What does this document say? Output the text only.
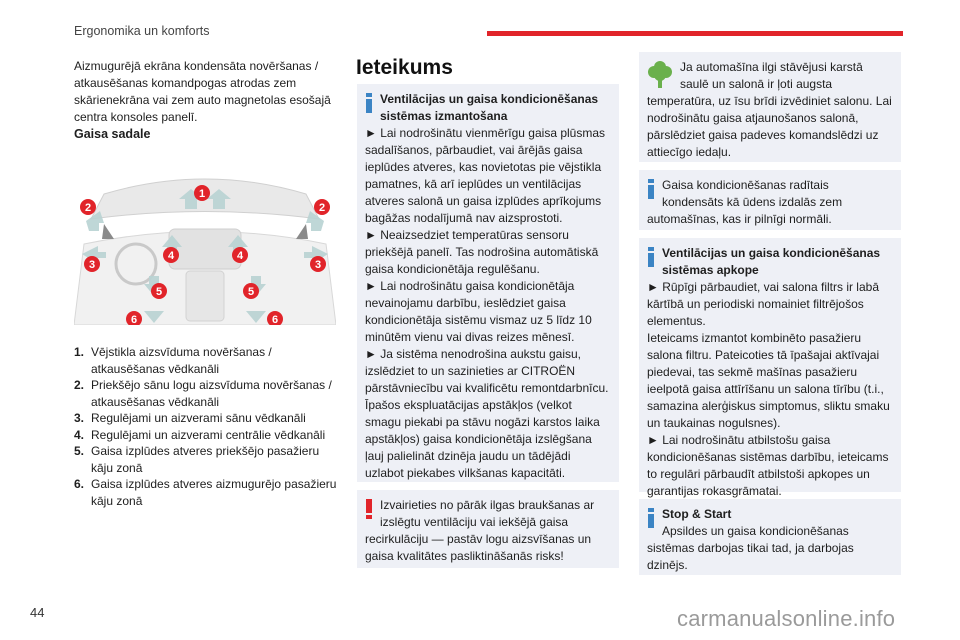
Ergonomika un komforts

Aizmugurējā ekrāna kondensāta novēršanas / atkausēšanas komandpogas atrodas zem skārienekrāna vai zem auto magnetolas esošajā centra konsoles panelī.

Gaisa sadale

1
2	2
3	3
4	4
5	5
6	6
1. Vējstikla aizsvīduma novēršanas / atkausēšanas vēdkanāli
2. Priekšējo sānu logu aizsvīduma novēršanas / atkausēšanas vēdkanāli
3. Regulējami un aizverami sānu vēdkanāli
4. Regulējami un aizverami centrālie vēdkanāli
5. Gaisa izplūdes atveres priekšējo pasažieru kāju zonā
6. Gaisa izplūdes atveres aizmugurējo pasažieru kāju zonā
Ieteikums

Ventilācijas un gaisa kondicionēšanas sistēmas izmantošana

► Lai nodrošinātu vienmērīgu gaisa plūsmas sadalīšanos, pārbaudiet, vai ārējās gaisa ieplūdes atveres, kas novietotas pie vējstikla pamatnes, kā arī ieplūdes un ventilācijas atveres salonā un gaisa izplūdes aprīkojums bagāžas nodalījumā nav aizsprostoti.

► Neaizsedziet temperatūras sensoru priekšējā panelī. Tas nodrošina automātiskā gaisa kondicionētāja regulēšanu.

► Lai nodrošinātu gaisa kondicionētāja nevainojamu darbību, ieslēdziet gaisa kondicionētāja sistēmu vismaz uz 5 līdz 10 minūtēm vienu vai divas reizes mēnesī.

► Ja sistēma nenodrošina aukstu gaisu, izslēdziet to un sazinieties ar CITROËN pārstāvniecību vai kvalificētu remontdarbnīcu.

Īpašos ekspluatācijas apstākļos (velkot smagu piekabi pa stāvu nogāzi karstos laika apstākļos) gaisa kondicionētāja izslēgšana ļauj palielināt dzinēja jaudu un tādējādi uzlabot piekabes vilkšanas kapacitāti.

Izvairieties no pārāk ilgas braukšanas ar izslēgtu ventilāciju vai iekšējā gaisa recirkulāciju — pastāv logu aizsvīšanas un gaisa kvalitātes pasliktināšanās risks!

Ja automašīna ilgi stāvējusi karstā saulē un salonā ir ļoti augsta temperatūra, uz īsu brīdi izvēdiniet salonu. Lai nodrošinātu gaisa atjaunošanos salonā, pārslēdziet gaisa padeves komandslēdzi uz attiecīgo iedaļu.

Gaisa kondicionēšanas radītais kondensāts kā ūdens izdalās zem automašīnas, kas ir pilnīgi normāli.

Ventilācijas un gaisa kondicionēšanas sistēmas apkope

► Rūpīgi pārbaudiet, vai salona filtrs ir labā kārtībā un periodiski nomainiet filtrējošos elementus.

Ieteicams izmantot kombinēto pasažieru salona filtru. Pateicoties tā īpašajai aktīvajai piedevai, tas sekmē mašīnas pasažieru ieelpotā gaisa attīrīšanu un salona tīrību (t.i., samazina alerģiskus simptomus, sliktu smaku un taukainas nogulsnes).

► Lai nodrošinātu atbilstošu gaisa kondicionēšanas sistēmas darbību, ieteicams to regulāri pārbaudīt atbilstoši apkopes un garantijas rokasgrāmatai.

Stop & Start

Apsildes un gaisa kondicionēšanas sistēmas darbojas tikai tad, ja darbojas dzinējs.

44	carmanualsonline.info
